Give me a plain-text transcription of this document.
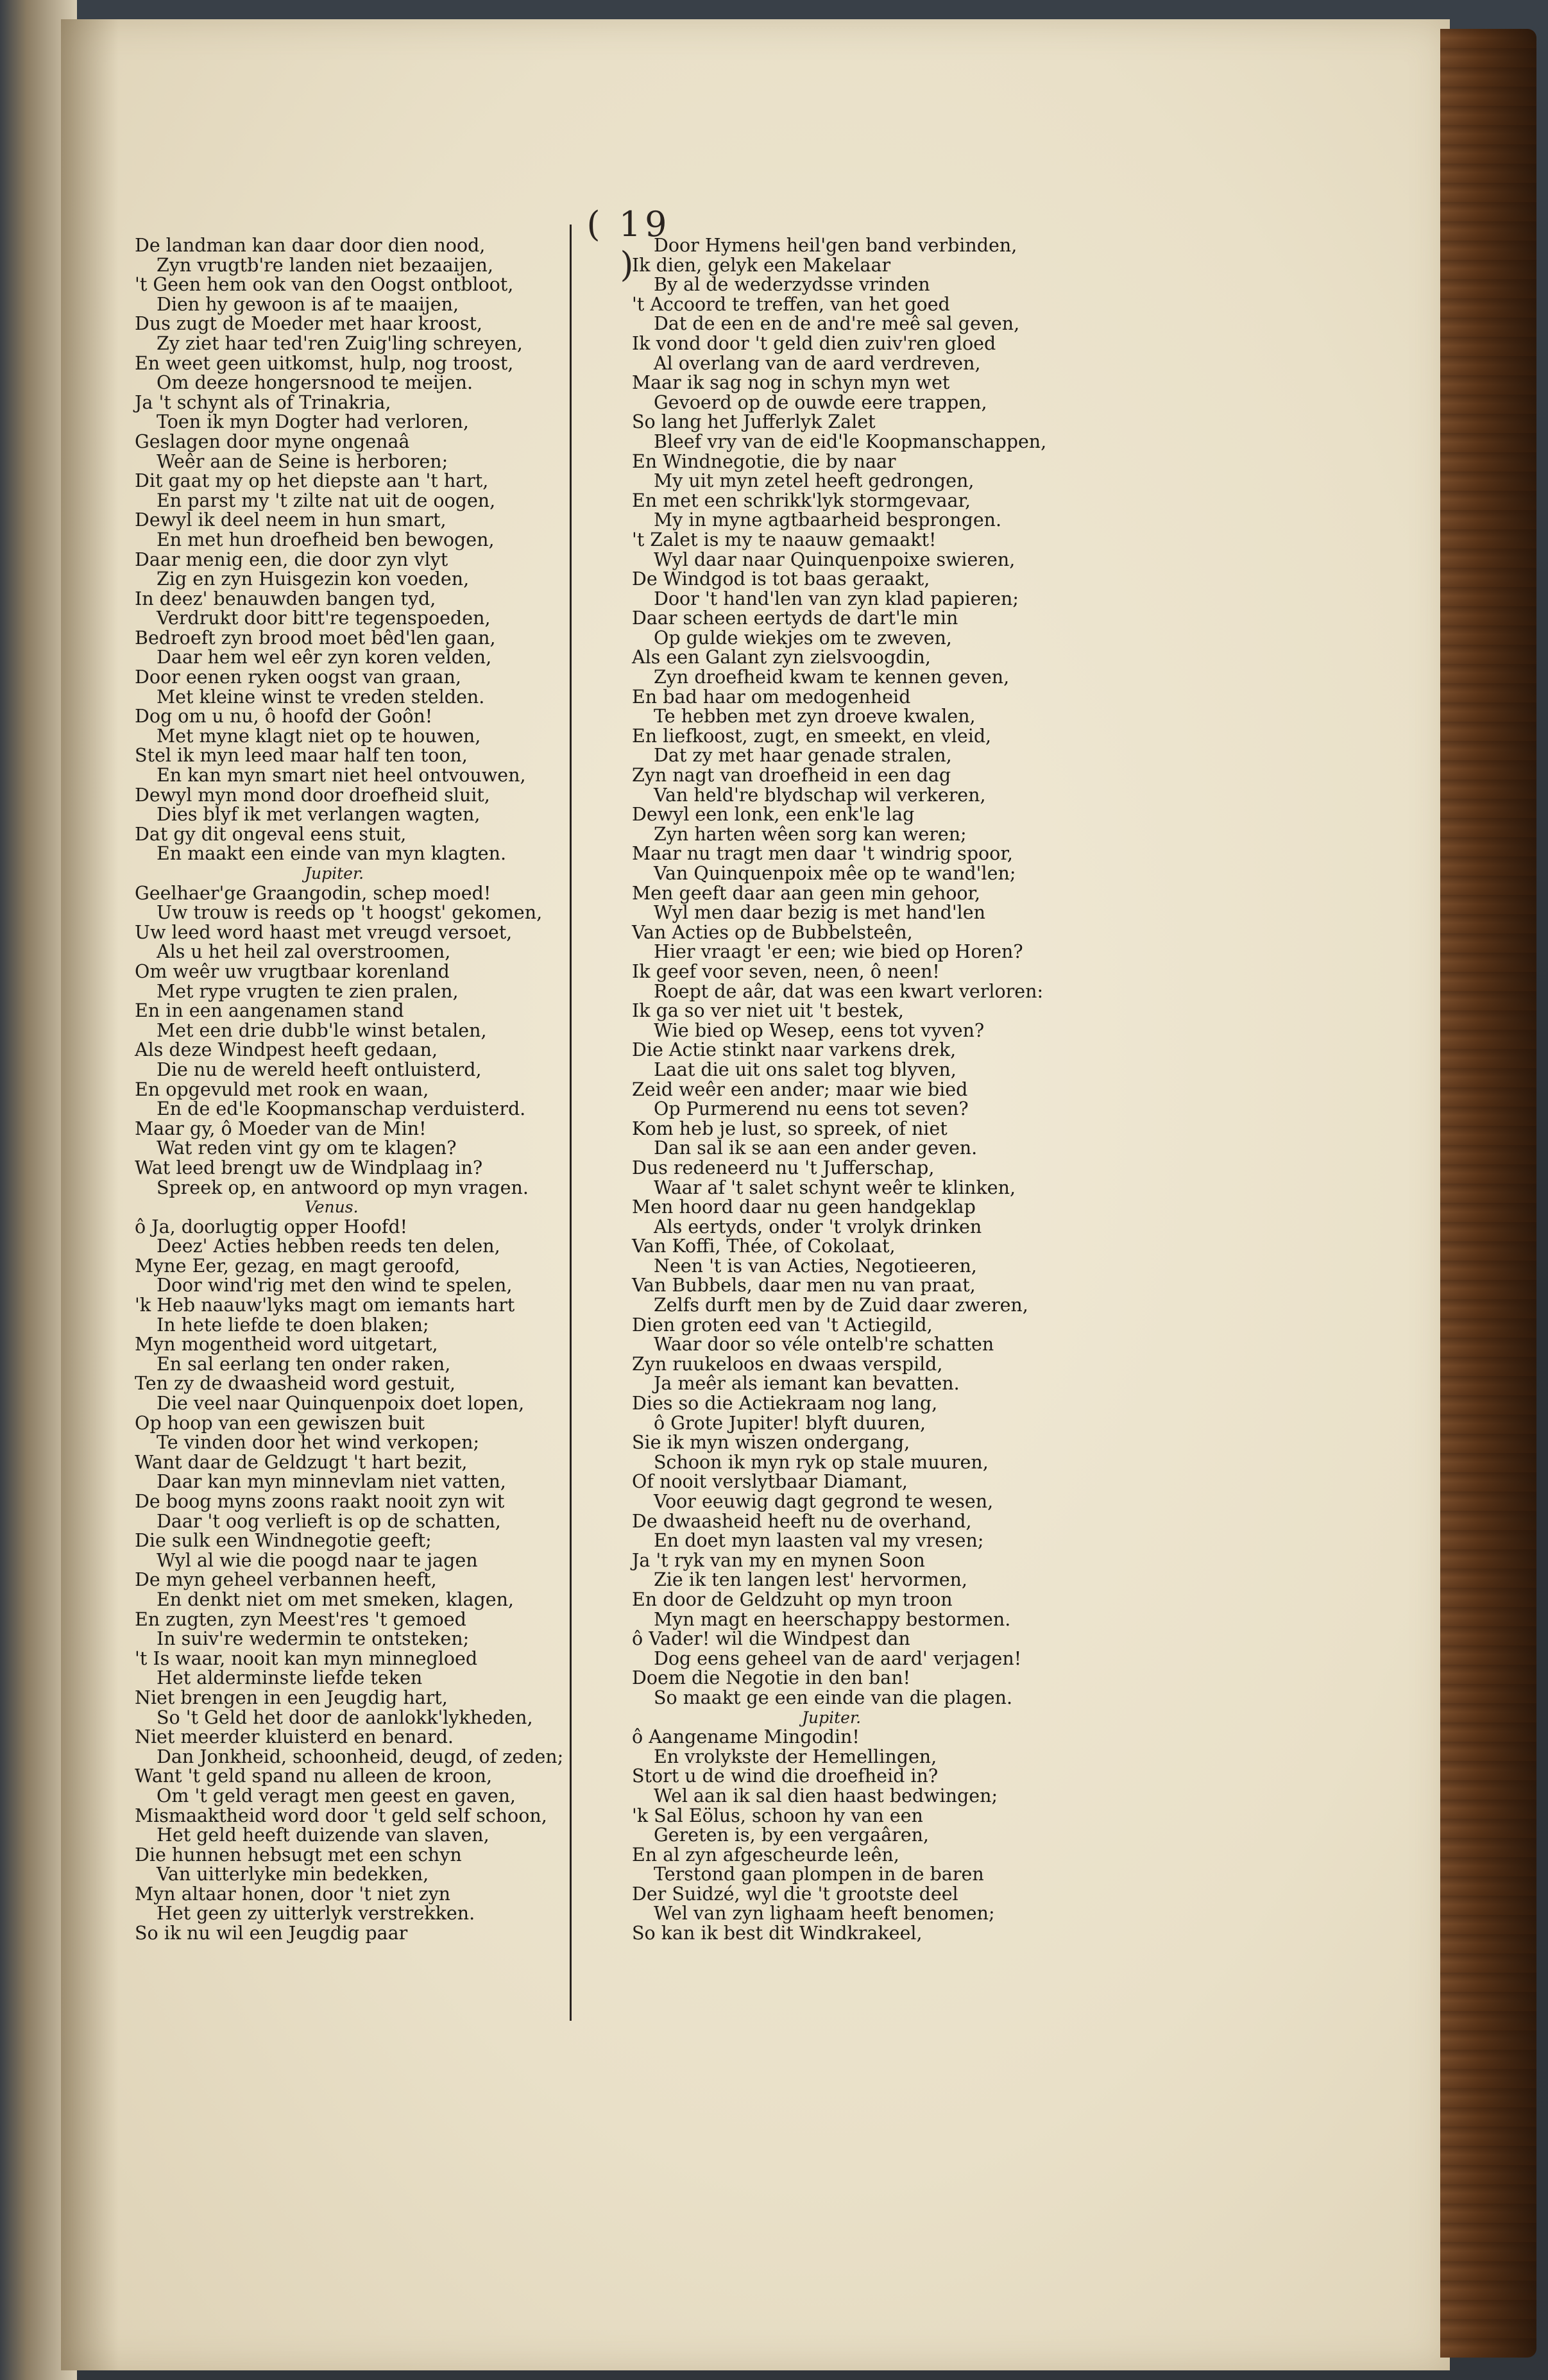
( 19 )
De landman kan daar door dien nood,
Zyn vrugtb're landen niet bezaaijen,
't Geen hem ook van den Oogst ontbloot,
Dien hy gewoon is af te maaijen,
Dus zugt de Moeder met haar kroost,
Zy ziet haar ted'ren Zuig'ling schreyen,
En weet geen uitkomst, hulp, nog troost,
Om deeze hongersnood te meijen.
Ja 't schynt als of Trinakria,
Toen ik myn Dogter had verloren,
Geslagen door myne ongenaâ
Weêr aan de Seine is herboren;
Dit gaat my op het diepste aan 't hart,
En parst my 't zilte nat uit de oogen,
Dewyl ik deel neem in hun smart,
En met hun droefheid ben bewogen,
Daar menig een, die door zyn vlyt
Zig en zyn Huisgezin kon voeden,
In deez' benauwden bangen tyd,
Verdrukt door bitt're tegenspoeden,
Bedroeft zyn brood moet bêd'len gaan,
Daar hem wel eêr zyn koren velden,
Door eenen ryken oogst van graan,
Met kleine winst te vreden stelden.
Dog om u nu, ô hoofd der Goôn!
Met myne klagt niet op te houwen,
Stel ik myn leed maar half ten toon,
En kan myn smart niet heel ontvouwen,
Dewyl myn mond door droefheid sluit,
Dies blyf ik met verlangen wagten,
Dat gy dit ongeval eens stuit,
En maakt een einde van myn klagten.
Jupiter.
Geelhaer'ge Graangodin, schep moed!
Uw trouw is reeds op 't hoogst' gekomen,
Uw leed word haast met vreugd versoet,
Als u het heil zal overstroomen,
Om weêr uw vrugtbaar korenland
Met rype vrugten te zien pralen,
En in een aangenamen stand
Met een drie dubb'le winst betalen,
Als deze Windpest heeft gedaan,
Die nu de wereld heeft ontluisterd,
En opgevuld met rook en waan,
En de ed'le Koopmanschap verduisterd.
Maar gy, ô Moeder van de Min!
Wat reden vint gy om te klagen?
Wat leed brengt uw de Windplaag in?
Spreek op, en antwoord op myn vragen.
Venus.
ô Ja, doorlugtig opper Hoofd!
Deez' Acties hebben reeds ten delen,
Myne Eer, gezag, en magt geroofd,
Door wind'rig met den wind te spelen,
'k Heb naauw'lyks magt om iemants hart
In hete liefde te doen blaken;
Myn mogentheid word uitgetart,
En sal eerlang ten onder raken,
Ten zy de dwaasheid word gestuit,
Die veel naar Quinquenpoix doet lopen,
Op hoop van een gewiszen buit
Te vinden door het wind verkopen;
Want daar de Geldzugt 't hart bezit,
Daar kan myn minnevlam niet vatten,
De boog myns zoons raakt nooit zyn wit
Daar 't oog verlieft is op de schatten,
Die sulk een Windnegotie geeft;
Wyl al wie die poogd naar te jagen
De myn geheel verbannen heeft,
En denkt niet om met smeken, klagen,
En zugten, zyn Meest'res 't gemoed
In suiv're wedermin te ontsteken;
't Is waar, nooit kan myn minnegloed
Het alderminste liefde teken
Niet brengen in een Jeugdig hart,
So 't Geld het door de aanlokk'lykheden,
Niet meerder kluisterd en benard.
Dan Jonkheid, schoonheid, deugd, of zeden;
Want 't geld spand nu alleen de kroon,
Om 't geld veragt men geest en gaven,
Mismaaktheid word door 't geld self schoon,
Het geld heeft duizende van slaven,
Die hunnen hebsugt met een schyn
Van uitterlyke min bedekken,
Myn altaar honen, door 't niet zyn
Het geen zy uitterlyk verstrekken.
So ik nu wil een Jeugdig paar
Door Hymens heil'gen band verbinden,
Ik dien, gelyk een Makelaar
By al de wederzydsse vrinden
't Accoord te treffen, van het goed
Dat de een en de and're meê sal geven,
Ik vond door 't geld dien zuiv'ren gloed
Al overlang van de aard verdreven,
Maar ik sag nog in schyn myn wet
Gevoerd op de ouwde eere trappen,
So lang het Jufferlyk Zalet
Bleef vry van de eid'le Koopmanschappen,
En Windnegotie, die by naar
My uit myn zetel heeft gedrongen,
En met een schrikk'lyk stormgevaar,
My in myne agtbaarheid besprongen.
't Zalet is my te naauw gemaakt!
Wyl daar naar Quinquenpoixe swieren,
De Windgod is tot baas geraakt,
Door 't hand'len van zyn klad papieren;
Daar scheen eertyds de dart'le min
Op gulde wiekjes om te zweven,
Als een Galant zyn zielsvoogdin,
Zyn droefheid kwam te kennen geven,
En bad haar om medogenheid
Te hebben met zyn droeve kwalen,
En liefkoost, zugt, en smeekt, en vleid,
Dat zy met haar genade stralen,
Zyn nagt van droefheid in een dag
Van held're blydschap wil verkeren,
Dewyl een lonk, een enk'le lag
Zyn harten wêen sorg kan weren;
Maar nu tragt men daar 't windrig spoor,
Van Quinquenpoix mêe op te wand'len;
Men geeft daar aan geen min gehoor,
Wyl men daar bezig is met hand'len
Van Acties op de Bubbelsteên,
Hier vraagt 'er een; wie bied op Horen?
Ik geef voor seven, neen, ô neen!
Roept de aâr, dat was een kwart verloren:
Ik ga so ver niet uit 't bestek,
Wie bied op Wesep, eens tot vyven?
Die Actie stinkt naar varkens drek,
Laat die uit ons salet tog blyven,
Zeid weêr een ander; maar wie bied
Op Purmerend nu eens tot seven?
Kom heb je lust, so spreek, of niet
Dan sal ik se aan een ander geven.
Dus redeneerd nu 't Jufferschap,
Waar af 't salet schynt weêr te klinken,
Men hoord daar nu geen handgeklap
Als eertyds, onder 't vrolyk drinken
Van Koffi, Thée, of Cokolaat,
Neen 't is van Acties, Negotieeren,
Van Bubbels, daar men nu van praat,
Zelfs durft men by de Zuid daar zweren,
Dien groten eed van 't Actiegild,
Waar door so véle ontelb're schatten
Zyn ruukeloos en dwaas verspild,
Ja meêr als iemant kan bevatten.
Dies so die Actiekraam nog lang,
ô Grote Jupiter! blyft duuren,
Sie ik myn wiszen ondergang,
Schoon ik myn ryk op stale muuren,
Of nooit verslytbaar Diamant,
Voor eeuwig dagt gegrond te wesen,
De dwaasheid heeft nu de overhand,
En doet myn laasten val my vresen;
Ja 't ryk van my en mynen Soon
Zie ik ten langen lest' hervormen,
En door de Geldzuht op myn troon
Myn magt en heerschappy bestormen.
ô Vader! wil die Windpest dan
Dog eens geheel van de aard' verjagen!
Doem die Negotie in den ban!
So maakt ge een einde van die plagen.
Jupiter.
ô Aangename Mingodin!
En vrolykste der Hemellingen,
Stort u de wind die droefheid in?
Wel aan ik sal dien haast bedwingen;
'k Sal Eölus, schoon hy van een
Gereten is, by een vergaâren,
En al zyn afgescheurde leên,
Terstond gaan plompen in de baren
Der Suidzé, wyl die 't grootste deel
Wel van zyn lighaam heeft benomen;
So kan ik best dit Windkrakeel,
